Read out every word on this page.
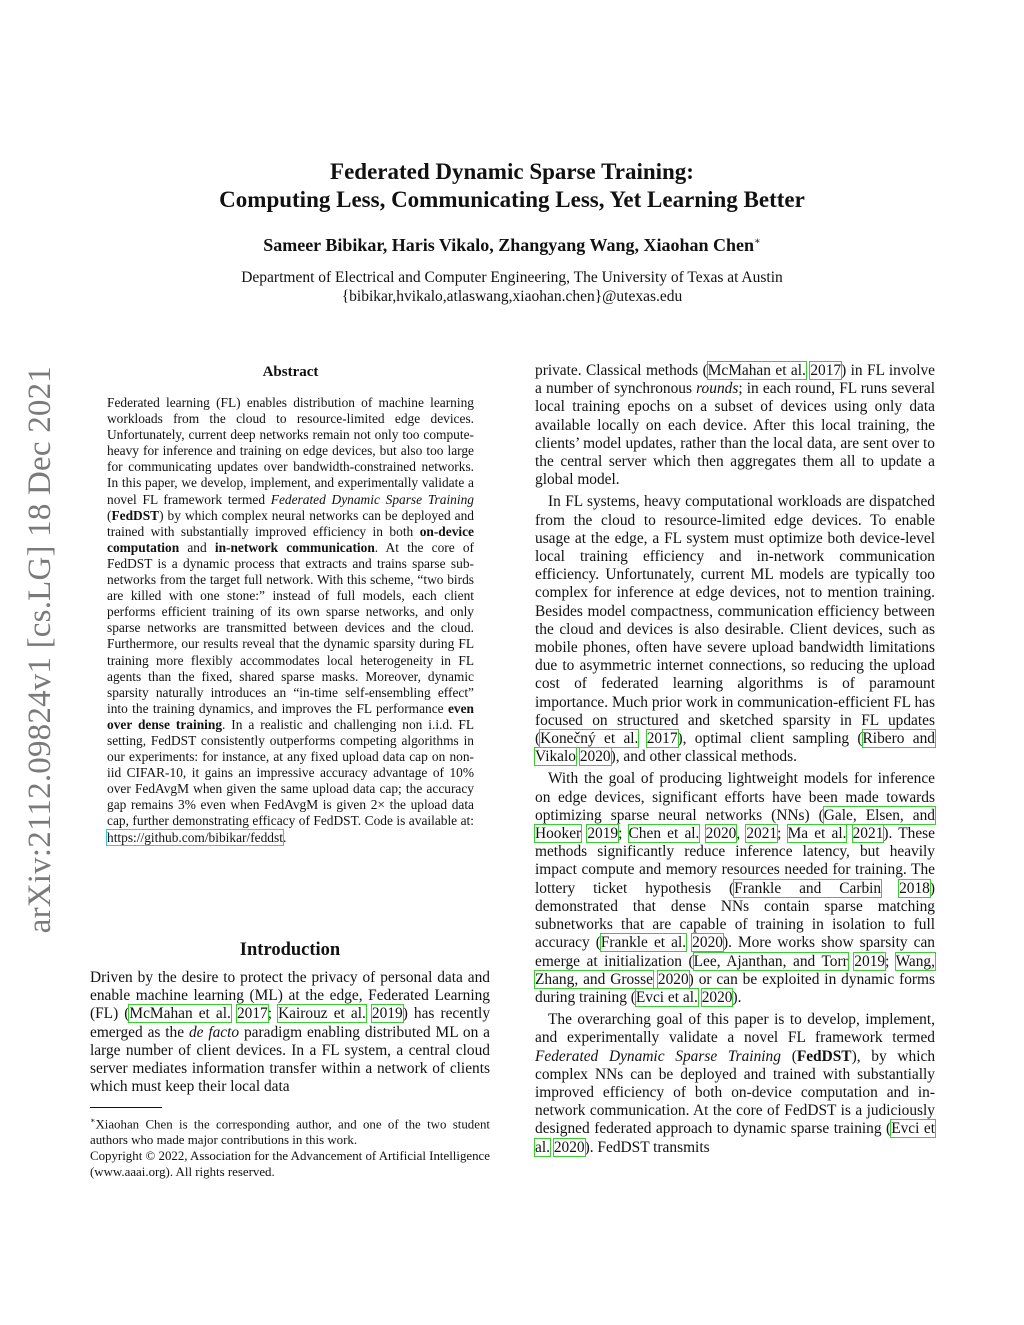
arXiv:2112.09824v1 [cs.LG] 18 Dec 2021
Federated Dynamic Sparse Training:
Computing Less, Communicating Less, Yet Learning Better
Sameer Bibikar, Haris Vikalo, Zhangyang Wang, Xiaohan Chen∗
Department of Electrical and Computer Engineering, The University of Texas at Austin
{bibikar,hvikalo,atlaswang,xiaohan.chen}@utexas.edu
Abstract
Federated learning (FL) enables distribution of machine learning workloads from the cloud to resource-limited edge devices. Unfortunately, current deep networks remain not only too compute-heavy for inference and training on edge devices, but also too large for communicating updates over bandwidth-constrained networks. In this paper, we develop, implement, and experimentally validate a novel FL framework termed Federated Dynamic Sparse Training (FedDST) by which complex neural networks can be deployed and trained with substantially improved efficiency in both on-device computation and in-network communication. At the core of FedDST is a dynamic process that extracts and trains sparse sub-networks from the target full network. With this scheme, “two birds are killed with one stone:” instead of full models, each client performs efficient training of its own sparse networks, and only sparse networks are transmitted between devices and the cloud. Furthermore, our results reveal that the dynamic sparsity during FL training more flexibly accommodates local heterogeneity in FL agents than the fixed, shared sparse masks. Moreover, dynamic sparsity naturally introduces an “in-time self-ensembling effect” into the training dynamics, and improves the FL performance even over dense training. In a realistic and challenging non i.i.d. FL setting, FedDST consistently outperforms competing algorithms in our experiments: for instance, at any fixed upload data cap on non-iid CIFAR-10, it gains an impressive accuracy advantage of 10% over FedAvgM when given the same upload data cap; the accuracy gap remains 3% even when FedAvgM is given 2× the upload data cap, further demonstrating efficacy of FedDST. Code is available at: https://github.com/bibikar/feddst.
Introduction
Driven by the desire to protect the privacy of personal data and enable machine learning (ML) at the edge, Federated Learning (FL) (McMahan et al. 2017; Kairouz et al. 2019) has recently emerged as the de facto paradigm enabling distributed ML on a large number of client devices. In a FL system, a central cloud server mediates information transfer within a network of clients which must keep their local data

private. Classical methods (McMahan et al. 2017) in FL involve a number of synchronous rounds; in each round, FL runs several local training epochs on a subset of devices using only data available locally on each device. After this local training, the clients’ model updates, rather than the local data, are sent over to the central server which then aggregates them all to update a global model.

In FL systems, heavy computational workloads are dispatched from the cloud to resource-limited edge devices. To enable usage at the edge, a FL system must optimize both device-level local training efficiency and in-network communication efficiency. Unfortunately, current ML models are typically too complex for inference at edge devices, not to mention training. Besides model compactness, communication efficiency between the cloud and devices is also desirable. Client devices, such as mobile phones, often have severe upload bandwidth limitations due to asymmetric internet connections, so reducing the upload cost of federated learning algorithms is of paramount importance. Much prior work in communication-efficient FL has focused on structured and sketched sparsity in FL updates (Konečný et al. 2017), optimal client sampling (Ribero and Vikalo 2020), and other classical methods.

With the goal of producing lightweight models for inference on edge devices, significant efforts have been made towards optimizing sparse neural networks (NNs) (Gale, Elsen, and Hooker 2019; Chen et al. 2020, 2021; Ma et al. 2021). These methods significantly reduce inference latency, but heavily impact compute and memory resources needed for training. The lottery ticket hypothesis (Frankle and Carbin 2018) demonstrated that dense NNs contain sparse matching subnetworks that are capable of training in isolation to full accuracy (Frankle et al. 2020). More works show sparsity can emerge at initialization (Lee, Ajanthan, and Torr 2019; Wang, Zhang, and Grosse 2020) or can be exploited in dynamic forms during training (Evci et al. 2020).

The overarching goal of this paper is to develop, implement, and experimentally validate a novel FL framework termed Federated Dynamic Sparse Training (FedDST), by which complex NNs can be deployed and trained with substantially improved efficiency of both on-device computation and in-network communication. At the core of FedDST is a judiciously designed federated approach to dynamic sparse training (Evci et al. 2020). FedDST transmits

∗Xiaohan Chen is the corresponding author, and one of the two student authors who made major contributions in this work.

Copyright © 2022, Association for the Advancement of Artificial Intelligence (www.aaai.org). All rights reserved.
